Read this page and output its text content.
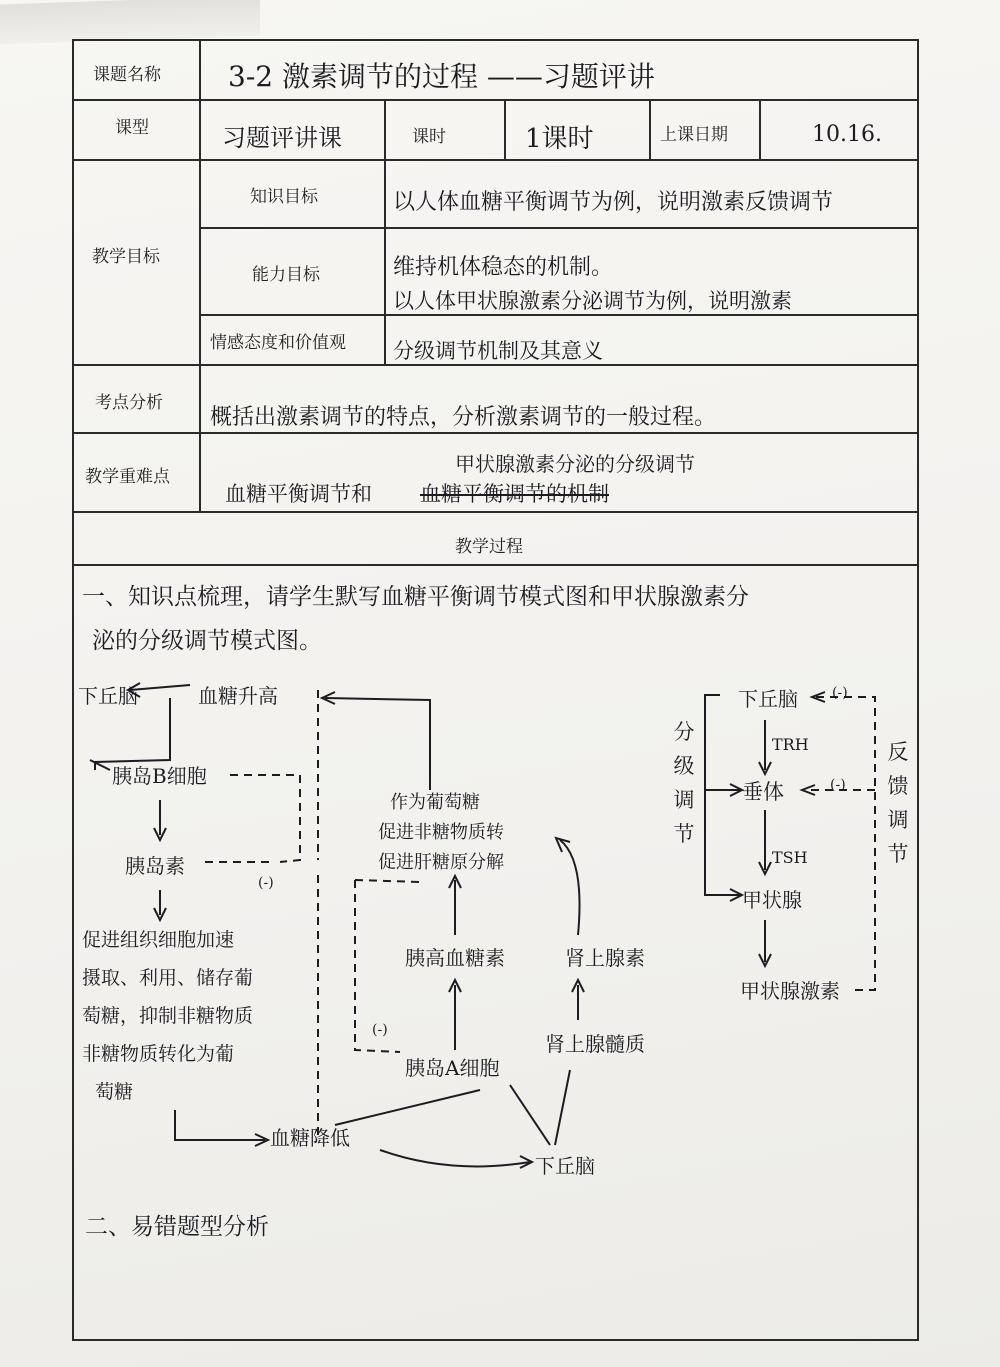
课题名称 3-2 激素调节的过程 ——习题评讲
课型	习题评讲课	课时	1课时	上课日期	10.16.
教学目标
知识目标	以人体血糖平衡调节为例，说明激素反馈调节
能力目标	维持机体稳态的机制。
以人体甲状腺激素分泌调节为例，说明激素
情感态度和价值观 分级调节机制及其意义
考点分析
概括出激素调节的特点，分析激素调节的一般过程。
教学重难点
甲状腺激素分泌的分级调节
血糖平衡调节和 血糖平衡调节的机制
教学过程
一、知识点梳理，请学生默写血糖平衡调节模式图和甲状腺激素分
泌的分级调节模式图。
下丘脑	血糖升高
胰岛B细胞
胰岛素
(-)
促进组织细胞加速
摄取、利用、储存葡
萄糖，抑制非糖物质
非糖物质转化为葡
萄糖
作为葡萄糖
促进非糖物质转
促进肝糖原分解
胰高血糖素	肾上腺素
(-)
胰岛A细胞
肾上腺髓质
血糖降低
下丘脑
分级调节
反馈调节
下丘脑 (-)
TRH
垂体	(-)
TSH
甲状腺
甲状腺激素
二、易错题型分析
